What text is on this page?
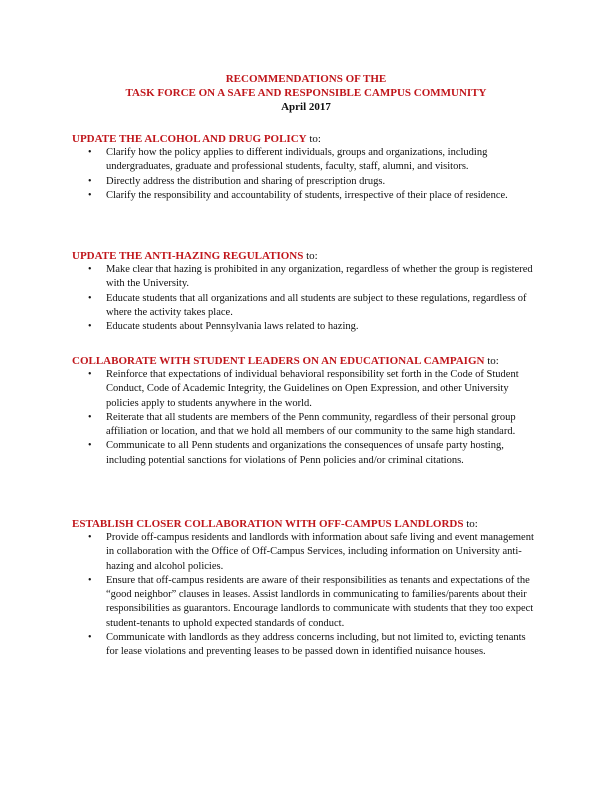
RECOMMENDATIONS OF THE
TASK FORCE ON A SAFE AND RESPONSIBLE CAMPUS COMMUNITY
April 2017
UPDATE THE ALCOHOL AND DRUG POLICY to:
• Clarify how the policy applies to different individuals, groups and organizations, including undergraduates, graduate and professional students, faculty, staff, alumni, and visitors.
• Directly address the distribution and sharing of prescription drugs.
• Clarify the responsibility and accountability of students, irrespective of their place of residence.
UPDATE THE ANTI-HAZING REGULATIONS to:
• Make clear that hazing is prohibited in any organization, regardless of whether the group is registered with the University.
• Educate students that all organizations and all students are subject to these regulations, regardless of where the activity takes place.
• Educate students about Pennsylvania laws related to hazing.
COLLABORATE WITH STUDENT LEADERS ON AN EDUCATIONAL CAMPAIGN to:
• Reinforce that expectations of individual behavioral responsibility set forth in the Code of Student Conduct, Code of Academic Integrity, the Guidelines on Open Expression, and other University policies apply to students anywhere in the world.
• Reiterate that all students are members of the Penn community, regardless of their personal group affiliation or location, and that we hold all members of our community to the same high standard.
• Communicate to all Penn students and organizations the consequences of unsafe party hosting, including potential sanctions for violations of Penn policies and/or criminal citations.
ESTABLISH CLOSER COLLABORATION WITH OFF-CAMPUS LANDLORDS to:
• Provide off-campus residents and landlords with information about safe living and event management in collaboration with the Office of Off-Campus Services, including information on University anti-hazing and alcohol policies.
• Ensure that off-campus residents are aware of their responsibilities as tenants and expectations of the “good neighbor” clauses in leases. Assist landlords in communicating to families/parents about their responsibilities as guarantors. Encourage landlords to communicate with students that they too expect student-tenants to uphold expected standards of conduct.
• Communicate with landlords as they address concerns including, but not limited to, evicting tenants for lease violations and preventing leases to be passed down in identified nuisance houses.
